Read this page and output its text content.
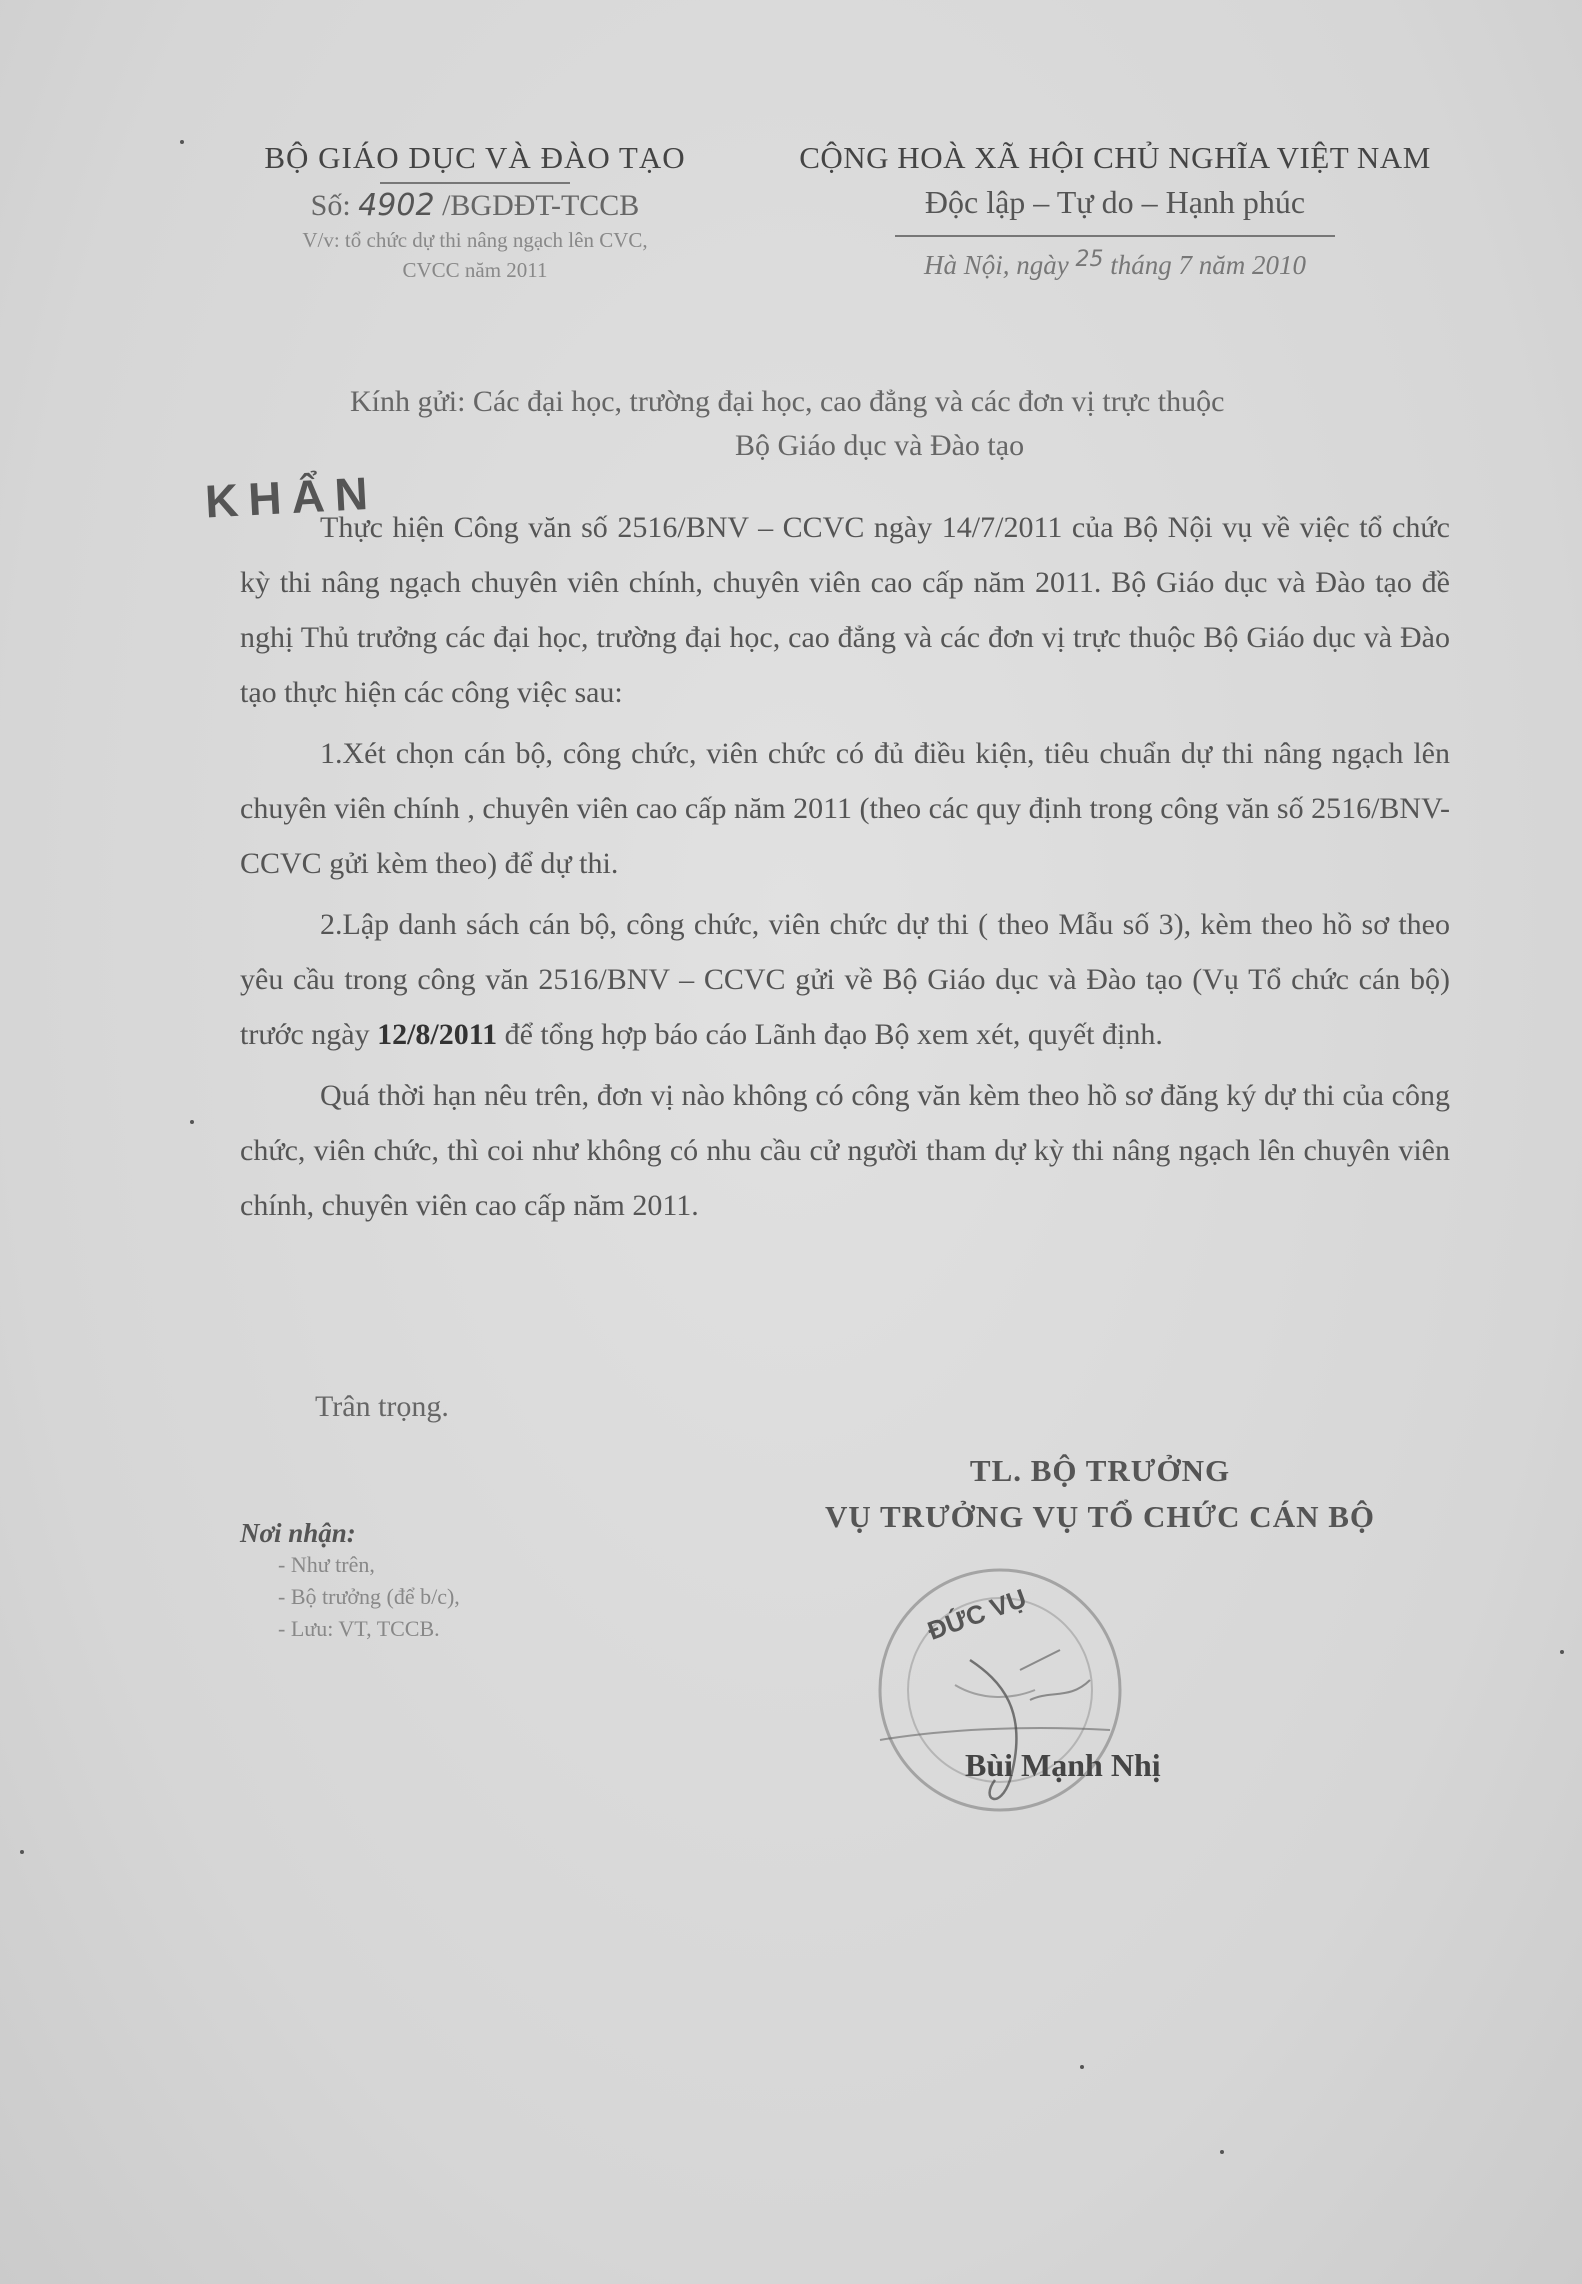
BỘ GIÁO DỤC VÀ ĐÀO TẠO
Số: 4902 /BGDĐT-TCCB
V/v: tổ chức dự thi nâng ngạch lên CVC,
CVCC năm 2011
CỘNG HOÀ XÃ HỘI CHỦ NGHĨA VIỆT NAM
Độc lập – Tự do – Hạnh phúc
Hà Nội, ngày $^{25}$ tháng 7 năm 2010
Kính gửi: Các đại học, trường đại học, cao đẳng và các đơn vị trực thuộc
Bộ Giáo dục và Đào tạo
KHẨN

Thực hiện Công văn số 2516/BNV – CCVC ngày 14/7/2011 của Bộ Nội vụ về việc tổ chức kỳ thi nâng ngạch chuyên viên chính, chuyên viên cao cấp năm 2011. Bộ Giáo dục và Đào tạo đề nghị Thủ trưởng các đại học, trường đại học, cao đẳng và các đơn vị trực thuộc Bộ Giáo dục và Đào tạo thực hiện các công việc sau:

1.Xét chọn cán bộ, công chức, viên chức có đủ điều kiện, tiêu chuẩn dự thi nâng ngạch lên chuyên viên chính , chuyên viên cao cấp năm 2011 (theo các quy định trong công văn số 2516/BNV-CCVC gửi kèm theo) để dự thi.

2.Lập danh sách cán bộ, công chức, viên chức dự thi ( theo Mẫu số 3), kèm theo hồ sơ theo yêu cầu trong công văn 2516/BNV – CCVC gửi về Bộ Giáo dục và Đào tạo (Vụ Tổ chức cán bộ) trước ngày 12/8/2011 để tổng hợp báo cáo Lãnh đạo Bộ xem xét, quyết định.

Quá thời hạn nêu trên, đơn vị nào không có công văn kèm theo hồ sơ đăng ký dự thi của công chức, viên chức, thì coi như không có nhu cầu cử người tham dự kỳ thi nâng ngạch lên chuyên viên chính, chuyên viên cao cấp năm 2011.

Trân trọng.
TL. BỘ TRƯỞNG
VỤ TRƯỞNG VỤ TỔ CHỨC CÁN BỘ
Nơi nhận:
- Như trên,
- Bộ trưởng (để b/c),
- Lưu: VT, TCCB.	ĐỨC VỤ
Bùi Mạnh Nhị
